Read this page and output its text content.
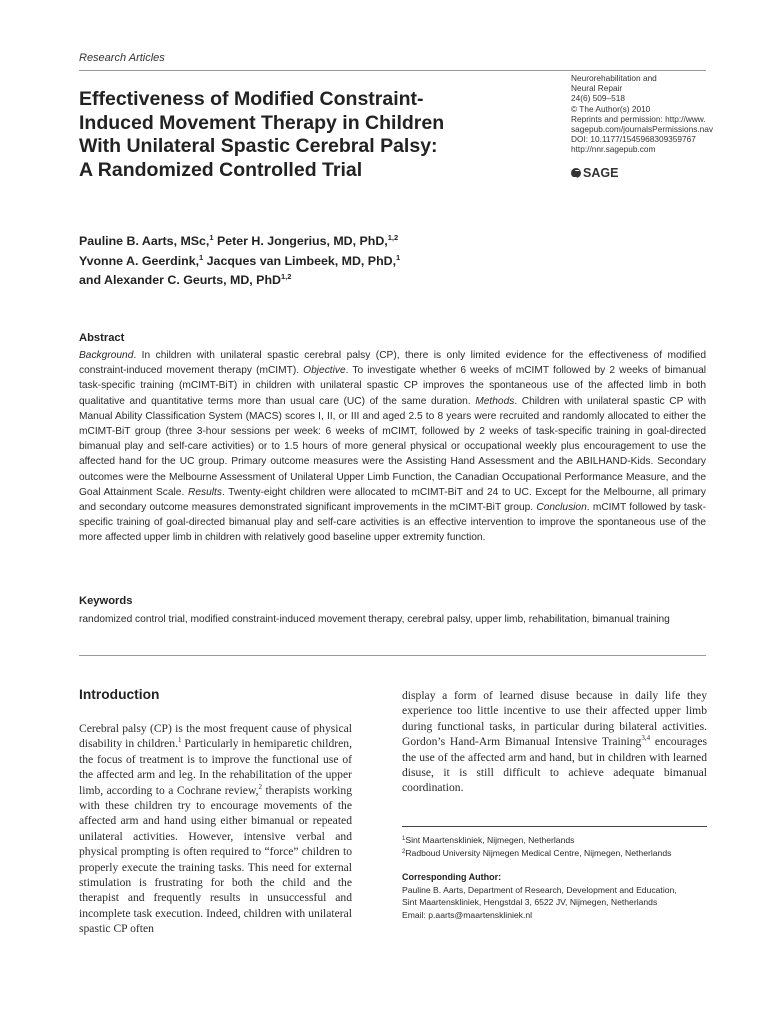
Research Articles
Effectiveness of Modified Constraint-
Induced Movement Therapy in Children
With Unilateral Spastic Cerebral Palsy:
A Randomized Controlled Trial
Neurorehabilitation and
Neural Repair
24(6) 509–518
© The Author(s) 2010
Reprints and permission: http://www.
sagepub.com/journalsPermissions.nav
DOI: 10.1177/1545968309359767
http://nnr.sagepub.com
SAGE
Pauline B. Aarts, MSc,$^1$ Peter H. Jongerius, MD, PhD,$^{1,2}$
Yvonne A. Geerdink,$^1$ Jacques van Limbeek, MD, PhD,$^1$
and Alexander C. Geurts, MD, PhD$^{1,2}$
Abstract
Background. In children with unilateral spastic cerebral palsy (CP), there is only limited evidence for the effectiveness of modified constraint-induced movement therapy (mCIMT). Objective. To investigate whether 6 weeks of mCIMT followed by 2 weeks of bimanual task-specific training (mCIMT-BiT) in children with unilateral spastic CP improves the spontaneous use of the affected limb in both qualitative and quantitative terms more than usual care (UC) of the same duration. Methods. Children with unilateral spastic CP with Manual Ability Classification System (MACS) scores I, II, or III and aged 2.5 to 8 years were recruited and randomly allocated to either the mCIMT-BiT group (three 3-hour sessions per week: 6 weeks of mCIMT, followed by 2 weeks of task-specific training in goal-directed bimanual play and self-care activities) or to 1.5 hours of more general physical or occupational weekly plus encouragement to use the affected hand for the UC group. Primary outcome measures were the Assisting Hand Assessment and the ABILHAND-Kids. Secondary outcomes were the Melbourne Assessment of Unilateral Upper Limb Function, the Canadian Occupational Performance Measure, and the Goal Attainment Scale. Results. Twenty-eight children were allocated to mCIMT-BiT and 24 to UC. Except for the Melbourne, all primary and secondary outcome measures demonstrated significant improvements in the mCIMT-BiT group. Conclusion. mCIMT followed by task-specific training of goal-directed bimanual play and self-care activities is an effective intervention to improve the spontaneous use of the more affected upper limb in children with relatively good baseline upper extremity function.
Keywords
randomized control trial, modified constraint-induced movement therapy, cerebral palsy, upper limb, rehabilitation, bimanual training
Introduction
Cerebral palsy (CP) is the most frequent cause of physical disability in children.$^1$ Particularly in hemiparetic children, the focus of treatment is to improve the functional use of the affected arm and leg. In the rehabilitation of the upper limb, according to a Cochrane review,$^2$ therapists working with these children try to encourage movements of the affected arm and hand using either bimanual or repeated unilateral activities. However, intensive verbal and physical prompting is often required to “force” children to properly execute the training tasks. This need for external stimulation is frustrating for both the child and the therapist and frequently results in unsuccessful and incomplete task execution. Indeed, children with unilateral spastic CP often
display a form of learned disuse because in daily life they experience too little incentive to use their affected upper limb during functional tasks, in particular during bilateral activities. Gordon’s Hand-Arm Bimanual Intensive Training$^{3,4}$ encourages the use of the affected arm and hand, but in children with learned disuse, it is still difficult to achieve adequate bimanual coordination.
$^1$Sint Maartenskliniek, Nijmegen, Netherlands
$^2$Radboud University Nijmegen Medical Centre, Nijmegen, Netherlands
Corresponding Author:
Pauline B. Aarts, Department of Research, Development and Education,
Sint Maartenskliniek, Hengstdal 3, 6522 JV, Nijmegen, Netherlands
Email: p.aarts@maartenskliniek.nl
